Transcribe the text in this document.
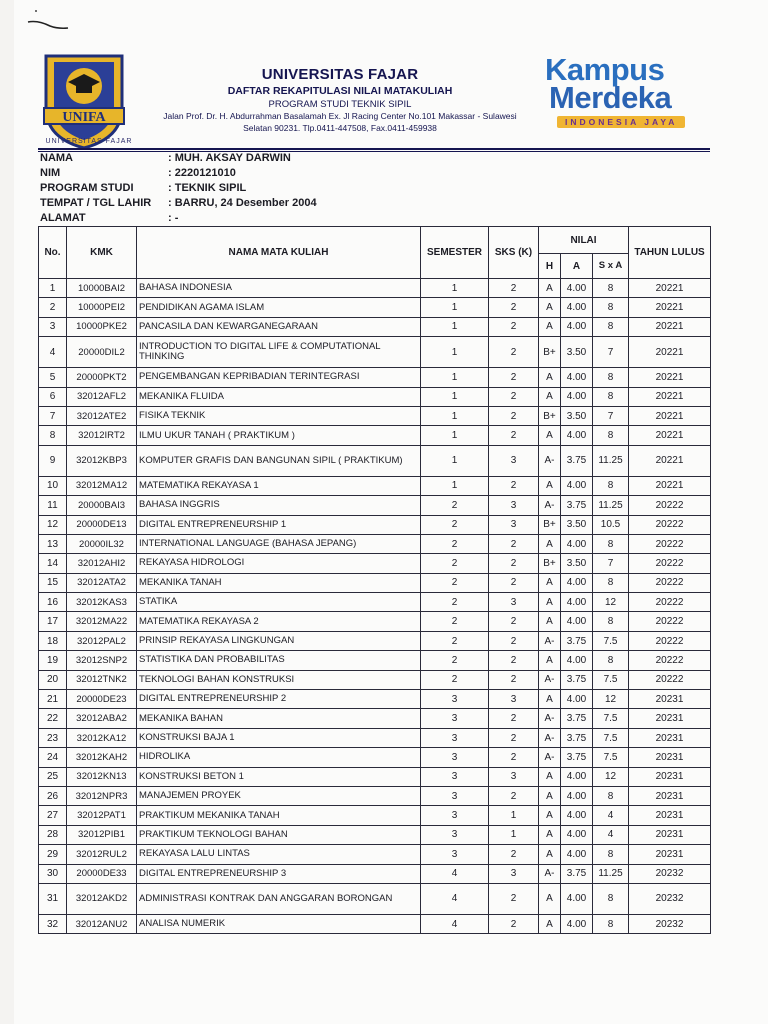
UNIFA
UNIVERSITAS FAJAR
UNIVERSITAS FAJAR
DAFTAR REKAPITULASI NILAI MATAKULIAH
PROGRAM STUDI TEKNIK SIPIL
Jalan Prof. Dr. H. Abdurrahman Basalamah Ex. Jl Racing Center No.101 Makassar - Sulawesi
Selatan 90231. Tlp.0411-447508, Fax.0411-459938
Kampus
Merdeka
INDONESIA JAYA
NAMA	: MUH. AKSAY DARWIN
NIM	: 2220121010
PROGRAM STUDI	: TEKNIK SIPIL
TEMPAT / TGL LAHIR	: BARRU, 24 Desember 2004
ALAMAT	: -
No.	KMK	NAMA MATA KULIAH	SEMESTER	SKS (K)	NILAI			TAHUN LULUS
					H	A	S x A	
1	10000BAI2	BAHASA INDONESIA	1	2	A	4.00	8	20221
2	10000PEI2	PENDIDIKAN AGAMA ISLAM	1	2	A	4.00	8	20221
3	10000PKE2	PANCASILA DAN KEWARGANEGARAAN	1	2	A	4.00	8	20221
4	20000DIL2	INTRODUCTION TO DIGITAL LIFE & COMPUTATIONAL THINKING	1	2	B+	3.50	7	20221
5	20000PKT2	PENGEMBANGAN KEPRIBADIAN TERINTEGRASI	1	2	A	4.00	8	20221
6	32012AFL2	MEKANIKA FLUIDA	1	2	A	4.00	8	20221
7	32012ATE2	FISIKA TEKNIK	1	2	B+	3.50	7	20221
8	32012IRT2	ILMU UKUR TANAH ( PRAKTIKUM )	1	2	A	4.00	8	20221
9	32012KBP3	KOMPUTER GRAFIS DAN BANGUNAN SIPIL ( PRAKTIKUM)	1	3	A-	3.75	11.25	20221
10	32012MA12	MATEMATIKA REKAYASA 1	1	2	A	4.00	8	20221
11	20000BAI3	BAHASA INGGRIS	2	3	A-	3.75	11.25	20222
12	20000DE13	DIGITAL ENTREPRENEURSHIP 1	2	3	B+	3.50	10.5	20222
13	20000IL32	INTERNATIONAL LANGUAGE (BAHASA JEPANG)	2	2	A	4.00	8	20222
14	32012AHI2	REKAYASA HIDROLOGI	2	2	B+	3.50	7	20222
15	32012ATA2	MEKANIKA TANAH	2	2	A	4.00	8	20222
16	32012KAS3	STATIKA	2	3	A	4.00	12	20222
17	32012MA22	MATEMATIKA REKAYASA 2	2	2	A	4.00	8	20222
18	32012PAL2	PRINSIP REKAYASA LINGKUNGAN	2	2	A-	3.75	7.5	20222
19	32012SNP2	STATISTIKA DAN PROBABILITAS	2	2	A	4.00	8	20222
20	32012TNK2	TEKNOLOGI BAHAN KONSTRUKSI	2	2	A-	3.75	7.5	20222
21	20000DE23	DIGITAL ENTREPRENEURSHIP 2	3	3	A	4.00	12	20231
22	32012ABA2	MEKANIKA BAHAN	3	2	A-	3.75	7.5	20231
23	32012KA12	KONSTRUKSI BAJA 1	3	2	A-	3.75	7.5	20231
24	32012KAH2	HIDROLIKA	3	2	A-	3.75	7.5	20231
25	32012KN13	KONSTRUKSI BETON 1	3	3	A	4.00	12	20231
26	32012NPR3	MANAJEMEN PROYEK	3	2	A	4.00	8	20231
27	32012PAT1	PRAKTIKUM MEKANIKA TANAH	3	1	A	4.00	4	20231
28	32012PIB1	PRAKTIKUM TEKNOLOGI BAHAN	3	1	A	4.00	4	20231
29	32012RUL2	REKAYASA LALU LINTAS	3	2	A	4.00	8	20231
30	20000DE33	DIGITAL ENTREPRENEURSHIP 3	4	3	A-	3.75	11.25	20232
31	32012AKD2	ADMINISTRASI KONTRAK DAN ANGGARAN BORONGAN	4	2	A	4.00	8	20232
32	32012ANU2	ANALISA NUMERIK	4	2	A	4.00	8	20232
